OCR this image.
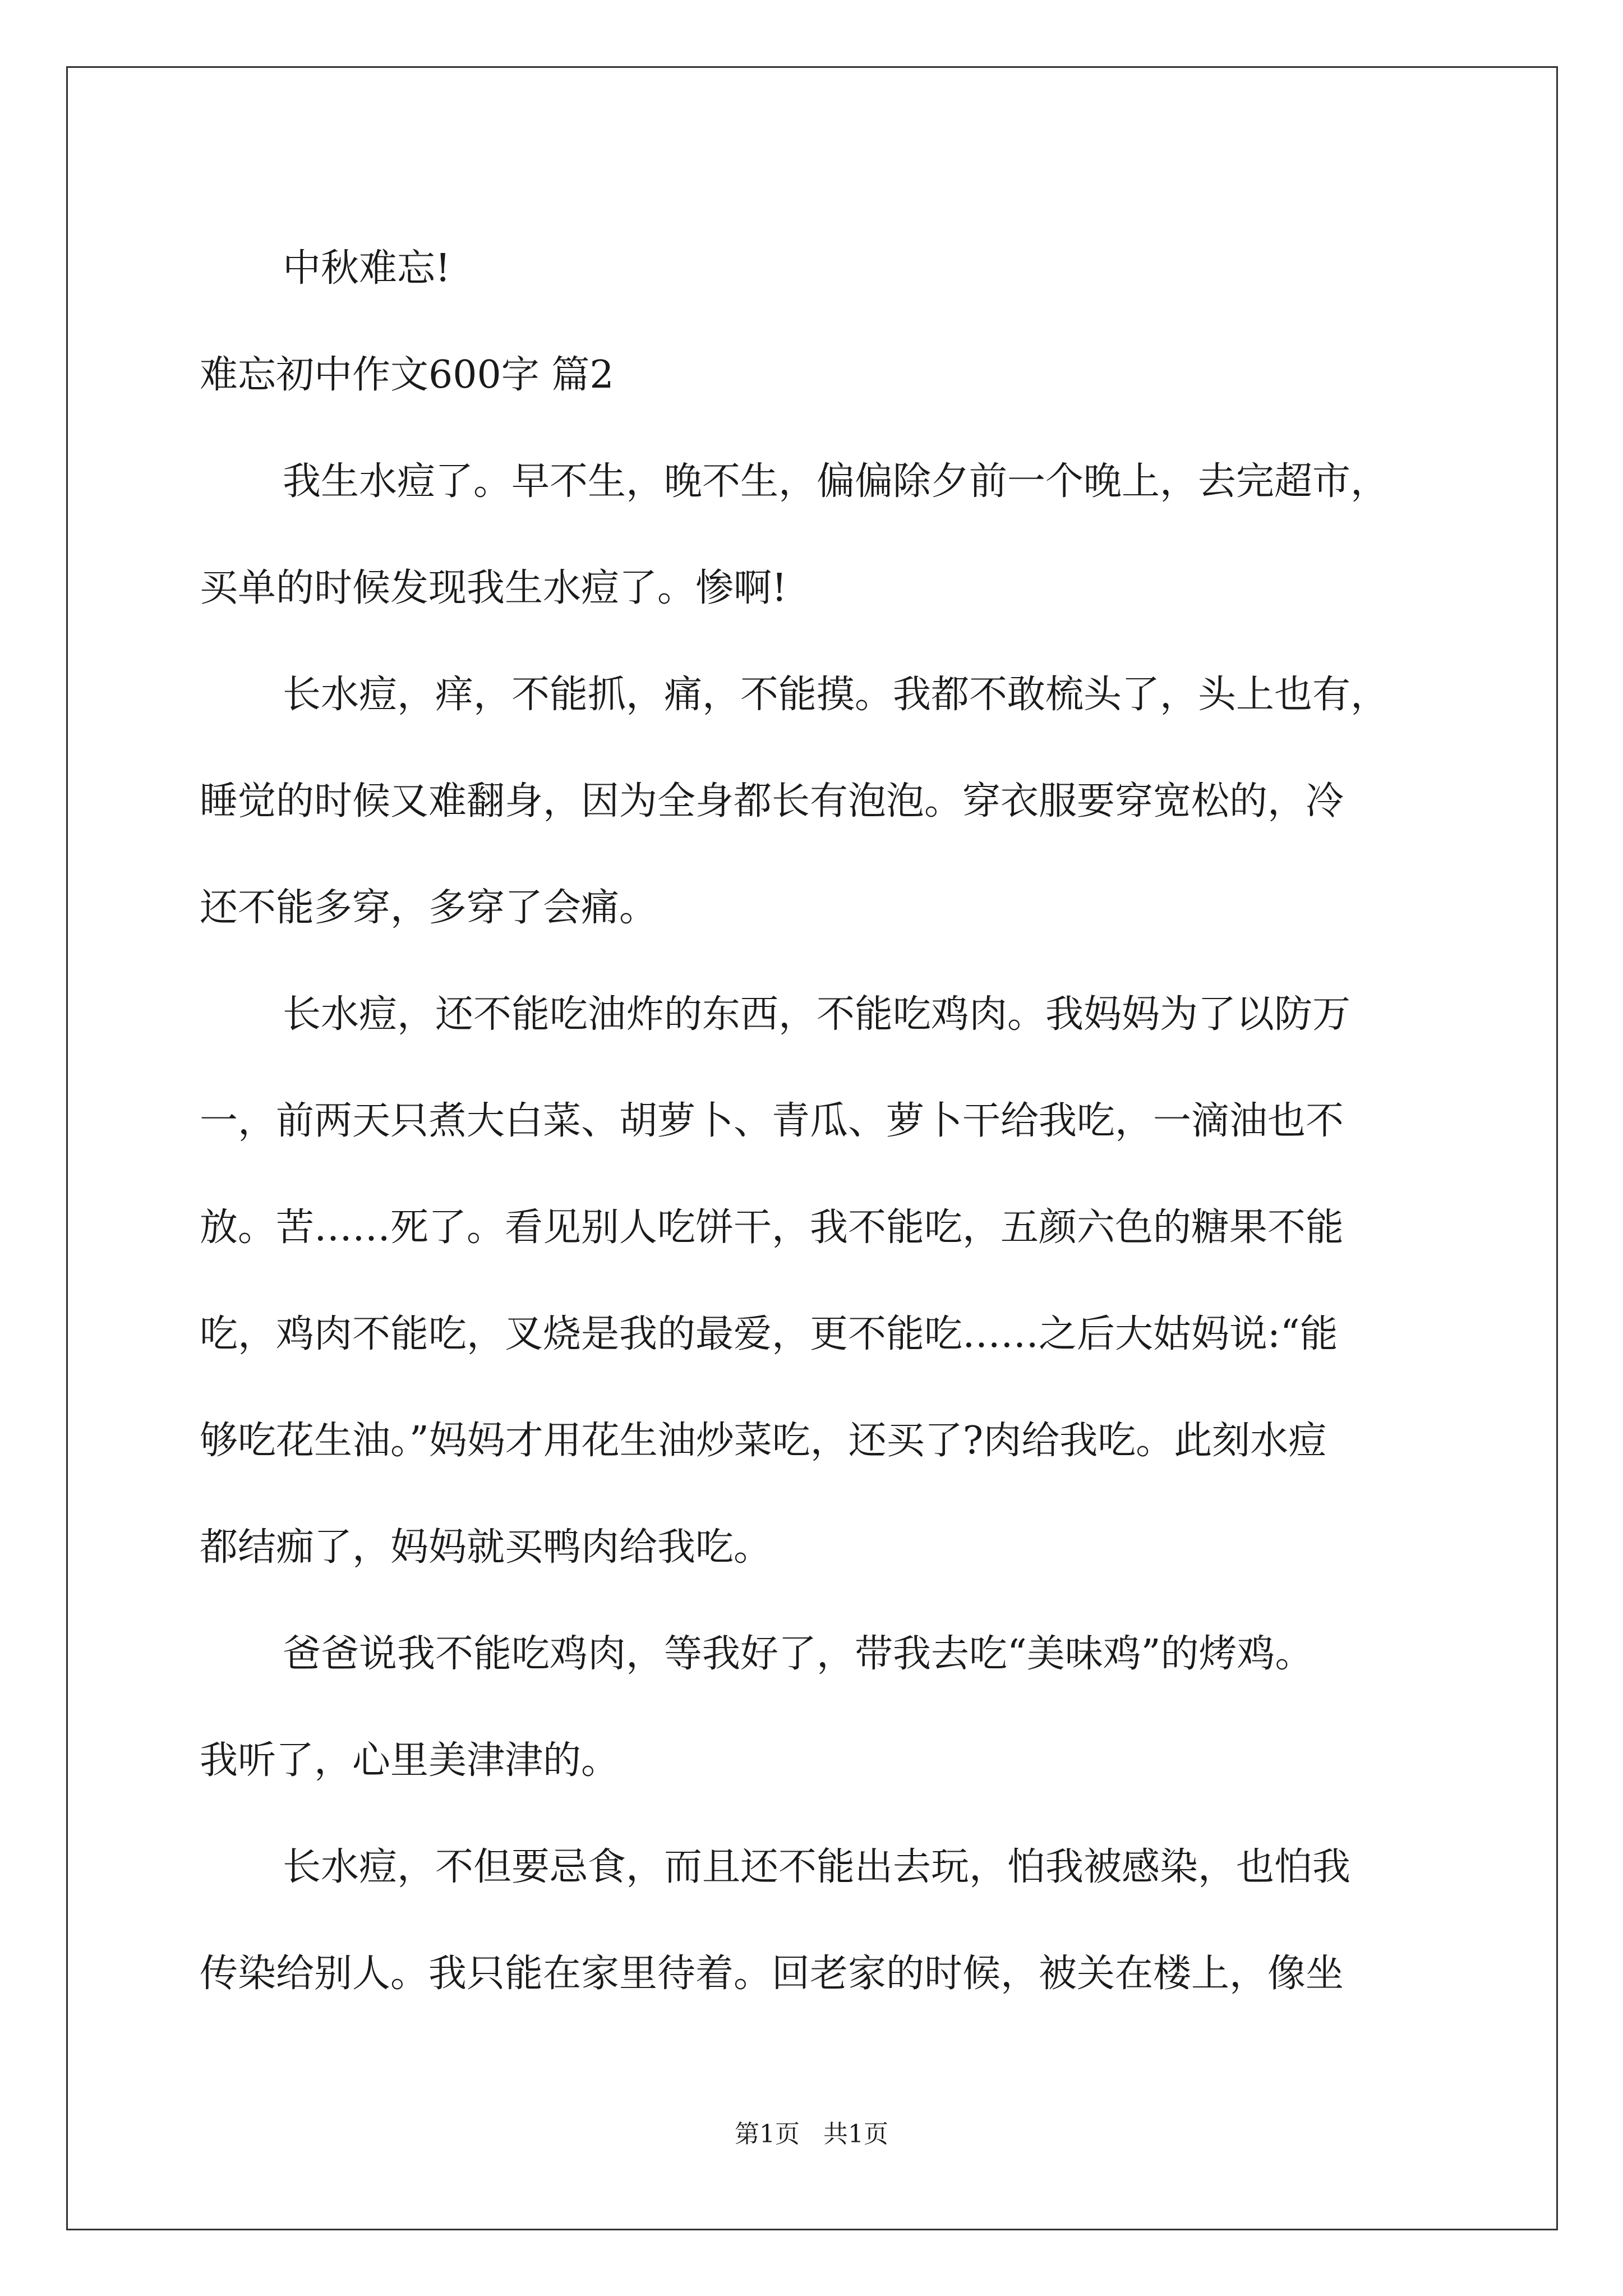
中秋难忘!
难忘初中作文600字 篇2
我生水痘了。早不生，晚不生，偏偏除夕前一个晚上，去完超市，
买单的时候发现我生水痘了。惨啊!
长水痘，痒，不能抓，痛，不能摸。我都不敢梳头了，头上也有，
睡觉的时候又难翻身，因为全身都长有泡泡。穿衣服要穿宽松的，冷
还不能多穿，多穿了会痛。
长水痘，还不能吃油炸的东西，不能吃鸡肉。我妈妈为了以防万
一，前两天只煮大白菜、胡萝卜、青瓜、萝卜干给我吃，一滴油也不
放。苦……死了。看见别人吃饼干，我不能吃，五颜六色的糖果不能
吃，鸡肉不能吃，叉烧是我的最爱，更不能吃……之后大姑妈说:“能
够吃花生油。”妈妈才用花生油炒菜吃，还买了?肉给我吃。此刻水痘
都结痂了，妈妈就买鸭肉给我吃。
爸爸说我不能吃鸡肉，等我好了，带我去吃“美味鸡”的烤鸡。
我听了，心里美津津的。
长水痘，不但要忌食，而且还不能出去玩，怕我被感染，也怕我
传染给别人。我只能在家里待着。回老家的时候，被关在楼上，像坐
第1页 共1页
